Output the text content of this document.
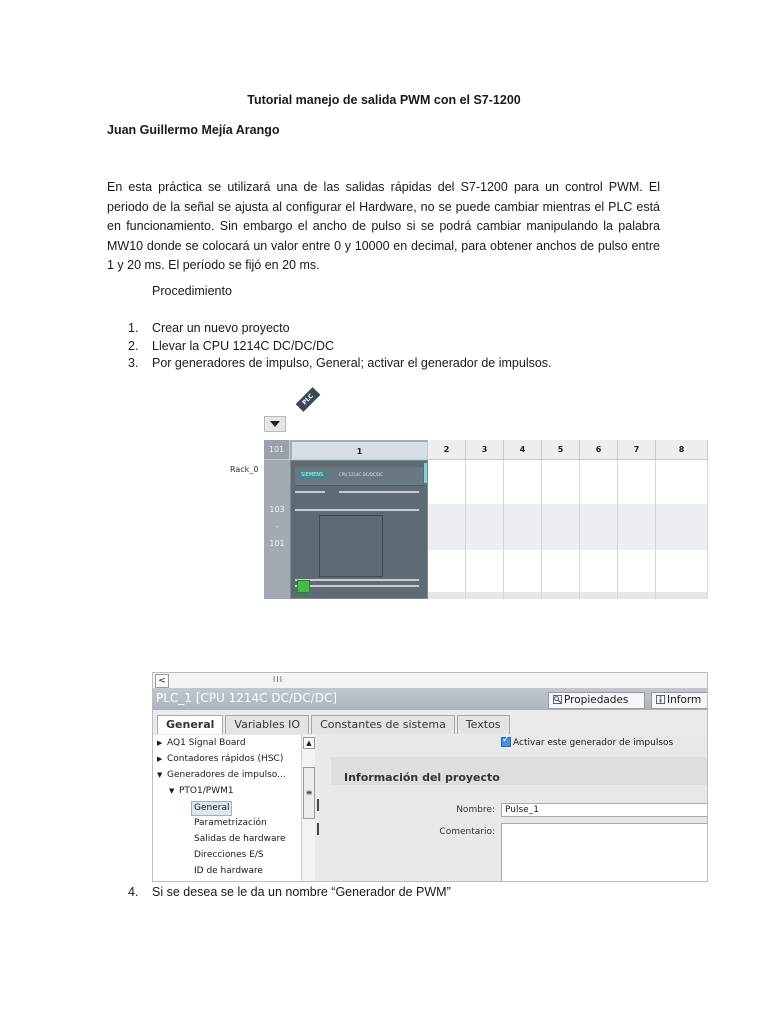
Tutorial manejo de salida PWM con el S7-1200
Juan Guillermo Mejía Arango
En esta práctica se utilizará una de las salidas rápidas del S7-1200 para un control PWM. El periodo de la señal se ajusta al configurar el Hardware, no se puede cambiar mientras el PLC está en funcionamiento. Sin embargo el ancho de pulso si se podrá cambiar manipulando la palabra MW10 donde se colocará un valor entre 0 y 10000 en decimal, para obtener anchos de pulso entre 1 y 20 ms. El período se fijó en 20 ms.
Procedimiento
1.	Crear un nuevo proyecto
2.	Llevar la CPU 1214C DC/DC/DC
3.	Por generadores de impulso, General; activar el generador de impulsos.
PLC
Rack_0
101	1	2	3	4	5	6	7	8
103
-
101
SIEMENS	CPU 1214C DC/DC/DC
<	III
PLC_1 [CPU 1214C DC/DC/DC]	Propiedades	Inform
General	Variables IO	Constantes de sistema	Textos
▶ AQ1 Signal Board
▶ Contadores rápidos (HSC)
▼ Generadores de impulso...
▼ PTO1/PWM1
General
Parametrización
Salidas de hardware
Direcciones E/S
ID de hardware
▲
≡
✓Activar este generador de impulsos
Información del proyecto
Nombre:	Pulse_1
Comentario:
4.	Si se desea se le da un nombre “Generador de PWM”
